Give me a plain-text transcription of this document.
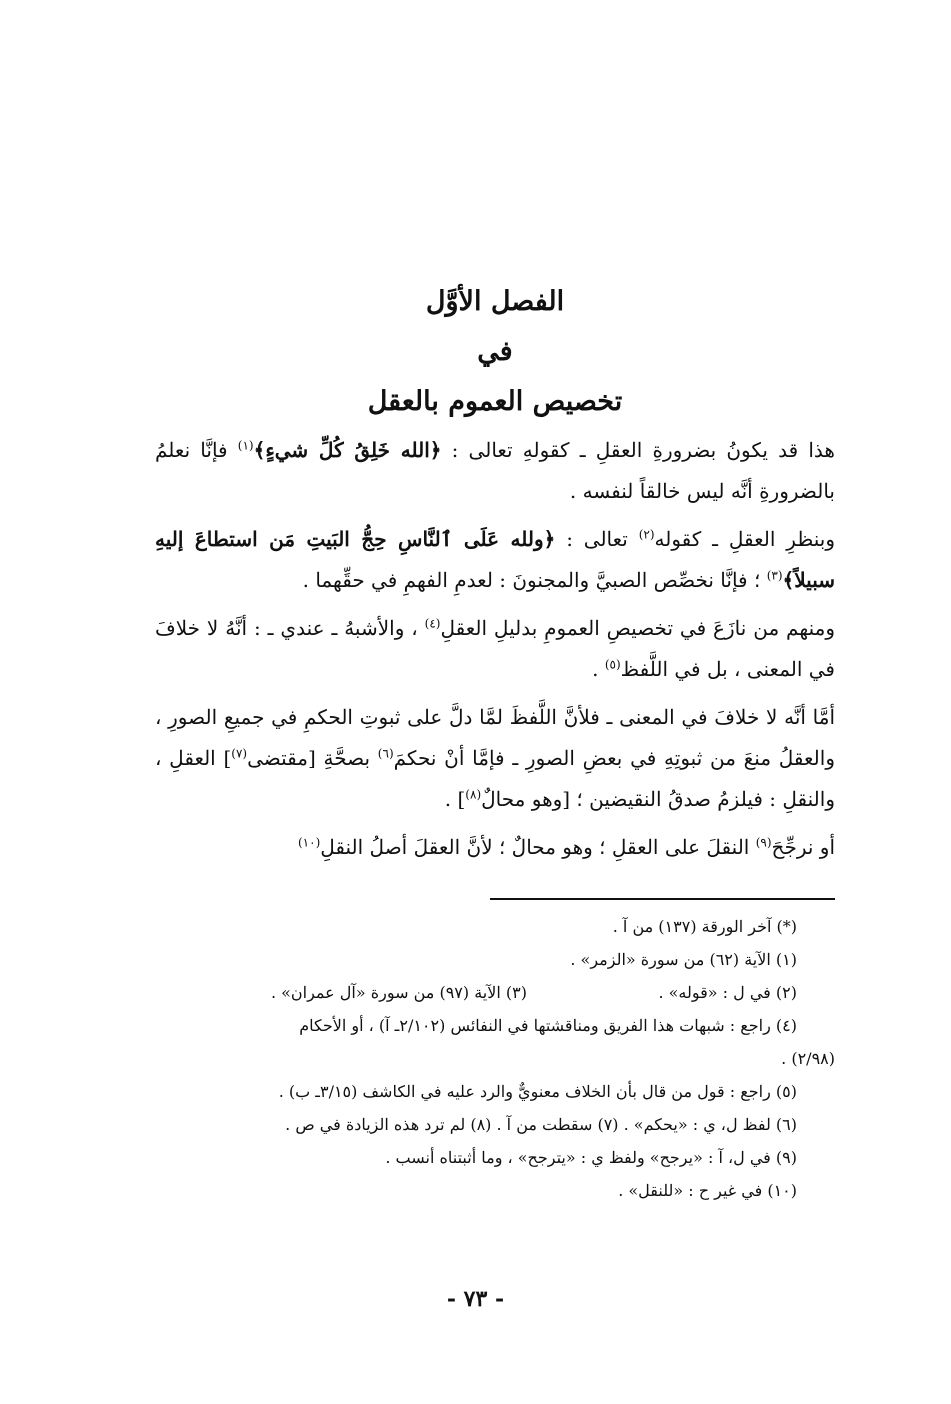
الفصل الأوَّل
في
تخصيص العموم بالعقل

هذا قد يكونُ بضرورةِ العقلِ ـ كقولهِ تعالى : ﴿الله خَلِقُ كُلِّ شيءٍ﴾$^{(١)}$ فإنَّا نعلمُ بالضرورةِ أنَّه ليس خالقاً لنفسه .

وبنظرِ العقلِ ـ كقوله$^{(٢)}$ تعالى : ﴿ولله عَلَى ٱلنَّاسِ حِجُّ البَيتِ مَن استطاعَ إليهِ سبيلاً﴾$^{(٣)}$ ؛ فإنَّا نخصِّص الصبيَّ والمجنونَ : لعدمِ الفهمِ في حقِّهما .

ومنهم من نازَعَ في تخصيصِ العمومِ بدليلِ العقلِ$^{(٤)}$ ، والأشبهُ ـ عندي ـ : أنَّهُ لا خلافَ في المعنى ، بل في اللَّفظ$^{(٥)}$ .

أمَّا أنَّه لا خلافَ في المعنى ـ فلأنَّ اللَّفظَ لمَّا دلَّ على ثبوتِ الحكمِ في جميعِ الصورِ ، والعقلُ منعَ من ثبوتِهِ في بعضِ الصورِ ـ فإمَّا أنْ نحكمَ$^{(٦)}$ بصحَّةِ [مقتضى$^{(٧)}$] العقلِ ، والنقلِ : فيلزمُ صدقُ النقيضين ؛ [وهو محالٌ$^{(٨)}$] .

أو نرجِّحَ$^{(٩)}$ النقلَ على العقلِ ؛ وهو محالٌ ؛ لأنَّ العقلَ أصلُ النقلِ$^{(١٠)}$

(*) آخر الورقة (١٣٧) من آ .

(١) الآية (٦٢) من سورة «الزمر» .

(٢) في ل : «قوله» .

(٣) الآية (٩٧) من سورة «آل عمران» .

(٤) راجع : شبهات هذا الفريق ومناقشتها في النفائس (٢/١٠٢ـ آ) ، أو الأحكام

(٢/٩٨) .

(٥) راجع : قول من قال بأن الخلاف معنويٌّ والرد عليه في الكاشف (٣/١٥ـ ب) .

(٦) لفظ ل، ي : «يحكم» . (٧) سقطت من آ . (٨) لم ترد هذه الزيادة في ص .

(٩) في ل، آ : «يرجح» ولفظ ي : «يترجح» ، وما أثبتناه أنسب .

(١٠) في غير ح : «للنقل» .

- ٧٣ -
